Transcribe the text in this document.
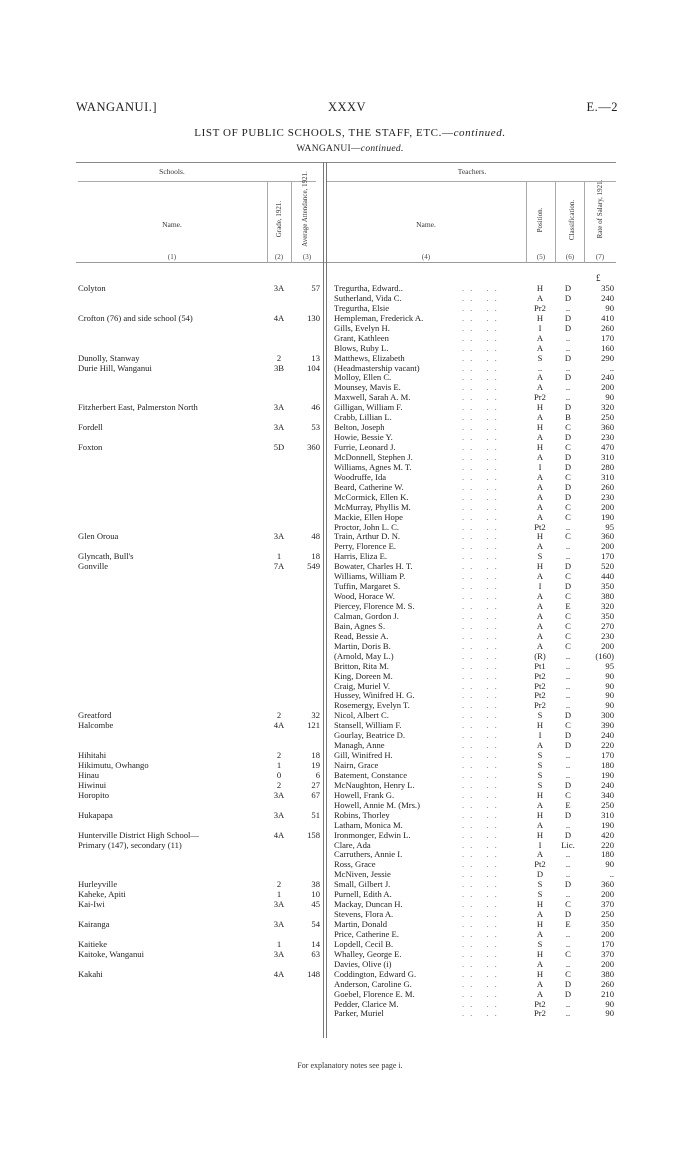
WANGANUI.]	XXXV	E.—2
LIST OF PUBLIC SCHOOLS, THE STAFF, ETC.—continued.
WANGANUI—continued.
Schools.	Teachers.
Name.	Grade, 1921.	Average Attendance, 1921.	Name.	Position.	Classification.	Rate of Salary, 1921.
(1)	(2)	(3)	(4)	(5)	(6)	(7)
£
Colyton	3A	57 Tregurtha, Edward..	H	D	350
.. ..
Sutherland, Vida C.	A	D	240
.. ..
Tregurtha, Elsie	Pr2	..	90
.. ..
Crofton (76) and side school (54)	4A	130 Hempleman, Frederick A.	H	D	410
.. ..
Gills, Evelyn H.	I	D	260
.. ..
Grant, Kathleen	A	..	170
.. ..
Blows, Ruby L.	A	..	160
.. ..
Dunolly, Stanway	2	13 Matthews, Elizabeth	S	D	290
.. ..
Durie Hill, Wanganui	3B	104 (Headmastership vacant)	..	..	..
.. ..
Molloy, Ellen C.	A	D	240
.. ..
Mounsey, Mavis E.	A	..	200
.. ..
Maxwell, Sarah A. M.	Pr2	..	90
.. ..
Fitzherbert East, Palmerston North	3A	46 Gilligan, William F.	H	D	320
.. ..
Crabb, Lillian L.	A	B	250
.. ..
Fordell	3A	53 Belton, Joseph	H	C	360
.. ..
Howie, Bessie Y.	A	D	230
.. ..
Foxton	5D	360 Furrie, Leonard J.	H	C	470
.. ..
McDonnell, Stephen J.	A	D	310
.. ..
Williams, Agnes M. T.	I	D	280
.. ..
Woodruffe, Ida	A	C	310
.. ..
Beard, Catherine W.	A	D	260
.. ..
McCormick, Ellen K.	A	D	230
.. ..
McMurray, Phyllis M.	A	C	200
.. ..
Mackie, Ellen Hope	A	C	190
.. ..
Proctor, John L. C.	Pt2	..	95
.. ..
Glen Oroua	3A	48 Train, Arthur D. N.	H	C	360
.. ..
Perry, Florence E.	A	..	200
.. ..
Glyncath, Bull's	1	18 Harris, Eliza E.	S	..	170
.. ..
Gonville	7A	549 Bowater, Charles H. T.	H	D	520
.. ..
Williams, William P.	A	C	440
.. ..
Tuffin, Margaret S.	I	D	350
.. ..
Wood, Horace W.	A	C	380
.. ..
Piercey, Florence M. S.	A	E	320
.. ..
Calman, Gordon J.	A	C	350
.. ..
Bain, Agnes S.	A	C	270
.. ..
Read, Bessie A.	A	C	230
.. ..
Martin, Doris B.	A	C	200
.. ..
(Arnold, May L.)	(R)	..	(160)
.. ..
Britton, Rita M.	Pt1	..	95
.. ..
King, Doreen M.	Pt2	..	90
.. ..
Craig, Muriel V.	Pt2	..	90
.. ..
Hussey, Winifred H. G.	Pt2	..	90
.. ..
Rosemergy, Evelyn T.	Pr2	..	90
.. ..
Greatford	2	32 Nicol, Albert C.	S	D	300
.. ..
Halcombe	4A	121 Stansell, William F.	H	C	390
.. ..
Gourlay, Beatrice D.	I	D	240
.. ..
Managh, Anne	A	D	220
.. ..
Hihitahi	2	18 Gill, Winifred H.	S	..	170
.. ..
Hikimutu, Owhango	1	19 Nairn, Grace	S	..	180
.. ..
Hinau	0	6 Batement, Constance	S	..	190
.. ..
Hiwinui	2	27 McNaughton, Henry L.	S	D	240
.. ..
Horopito	3A	67 Howell, Frank G.	H	C	340
.. ..
Howell, Annie M. (Mrs.)	A	E	250
.. ..
Hukapapa	3A	51 Robins, Thorley	H	D	310
.. ..
Latham, Monica M.	A	..	190
.. ..
Hunterville District High School—	4A	158 Ironmonger, Edwin L.	H	D	420
.. ..
Primary (147), secondary (11)	Clare, Ada	I	Lic.	220
.. ..
Carruthers, Annie I.	A	..	180
.. ..
Ross, Grace	Pt2	..	90
.. ..
McNiven, Jessie	D	..	..
.. ..
Hurleyville	2	38 Small, Gilbert J.	S	D	360
.. ..
Kaheke, Apiti	1	10 Purnell, Edith A.	S	..	200
.. ..
Kai-Iwi	3A	45 Mackay, Duncan H.	H	C	370
.. ..
Stevens, Flora A.	A	D	250
.. ..
Kairanga	3A	54 Martin, Donald	H	E	350
.. ..
Price, Catherine E.	A	..	200
.. ..
Kaitieke	1	14 Lopdell, Cecil B.	S	..	170
.. ..
Kaitoke, Wanganui	3A	63 Whalley, George E.	H	C	370
.. ..
Davies, Olive (i)	A	..	200
.. ..
Kakahi	4A	148 Coddington, Edward G.	H	C	380
.. ..
Anderson, Caroline G.	A	D	260
.. ..
Goebel, Florence E. M.	A	D	210
.. ..
Pedder, Clarice M.	Pt2	..	90
.. ..
Parker, Muriel	Pr2	..	90
.. ..
For explanatory notes see page i.
